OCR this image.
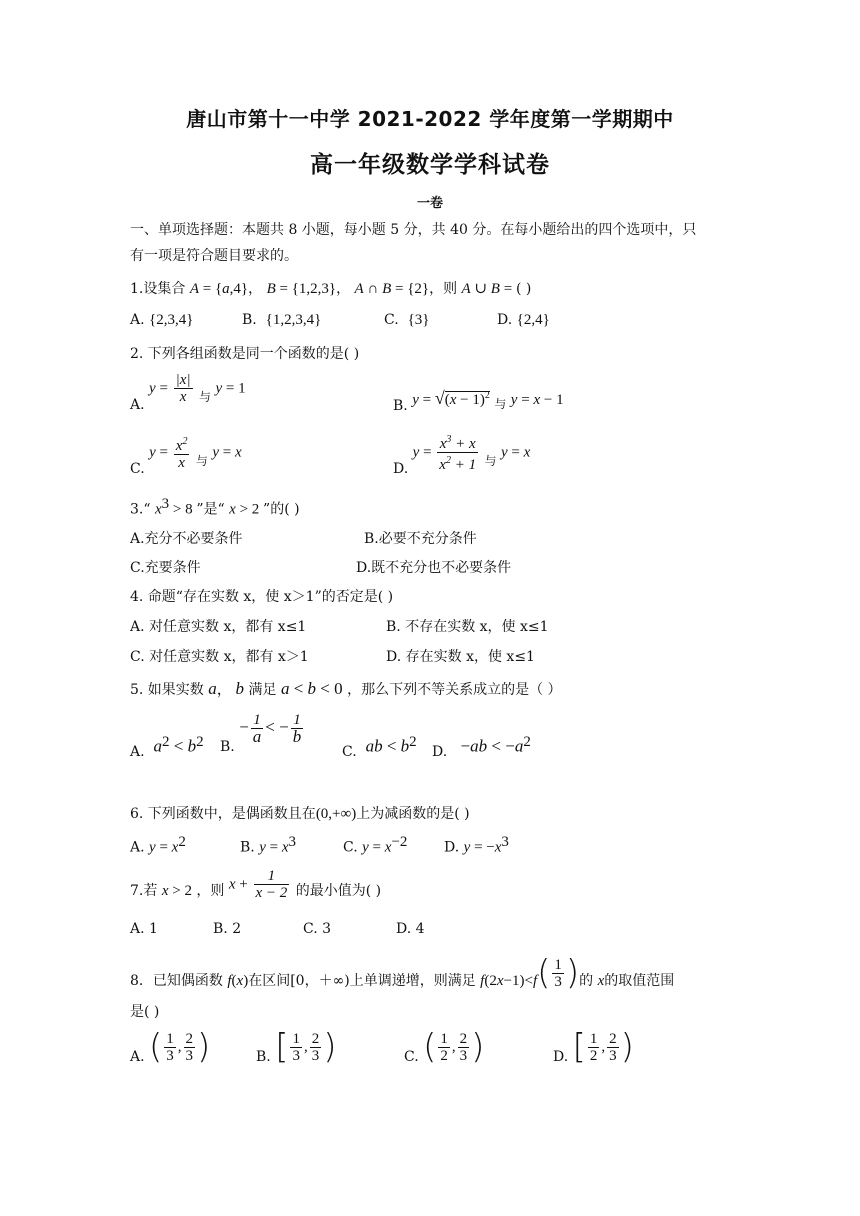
唐山市第十一中学 2021-2022 学年度第一学期期中
高一年级数学学科试卷
一卷
一、单项选择题：本题共 8 小题，每小题 5 分，共 40 分。在每小题给出的四个选项中，只
有一项是符合题目要求的。
1.设集合 A = {a,4}， B = {1,2,3}， A ∩ B = {2}，则 A ∪ B = ( )
A. {2,3,4}	B. {1,2,3,4}	C. {3}	D. {2,4}
2. 下列各组函数是同一个函数的是( )
A. $y = \frac{|x|}{x}$ 与 y = 1
B. $y = √(x - 1)^2$ 与 y = x − 1
C. $y = \frac{x^2}{x}$ 与 y = x
D. $y = \frac{x^3 + x}{x^2 + 1}$ 与 y = x
3.“ $x^3 > 8$ ”是“ x > 2 ”的( )
A.充分不必要条件	B.必要不充分条件
C.充要条件	D.既不充分也不必要条件
4. 命题“存在实数 x，使 x＞1”的否定是( )
A. 对任意实数 x，都有 x≤1	B. 不存在实数 x，使 x≤1
C. 对任意实数 x，都有 x＞1	D. 存在实数 x，使 x≤1
5. 如果实数 a， b 满足 a < b < 0 ，那么下列不等关系成立的是（ ）
A. $a^2 < b^2$ B. − $\frac{1}{a}$ < − $\frac{1}{b}$
C. ab < $b^2$
D. $-ab < -a^2$
6. 下列函数中，是偶函数且在(0,+∞)上为减函数的是( )
A. $y = x^2$	B. $y = x^3$	C. $y = x^{-2}$	D. $y = -x^3$
7.若 x > 2 ，则 $x + \frac{1}{x - 2}$ 的最小值为( )
A. 1	B. 2	C. 3	D. 4
8．已知偶函数 f(x)在区间[0，＋∞)上单调递增，则满足 $f(2x-1)<f( \frac{1}{3}$ )的 x的取值范围
是( )
A. ( $\frac{1}{3}$ , $\frac{2}{3}$ )	B. [ $\frac{1}{3}$ , $\frac{2}{3}$ )	C. ( $\frac{1}{2}$ , $\frac{2}{3}$ )	D. [ $\frac{1}{2}$ , $\frac{2}{3}$ )
